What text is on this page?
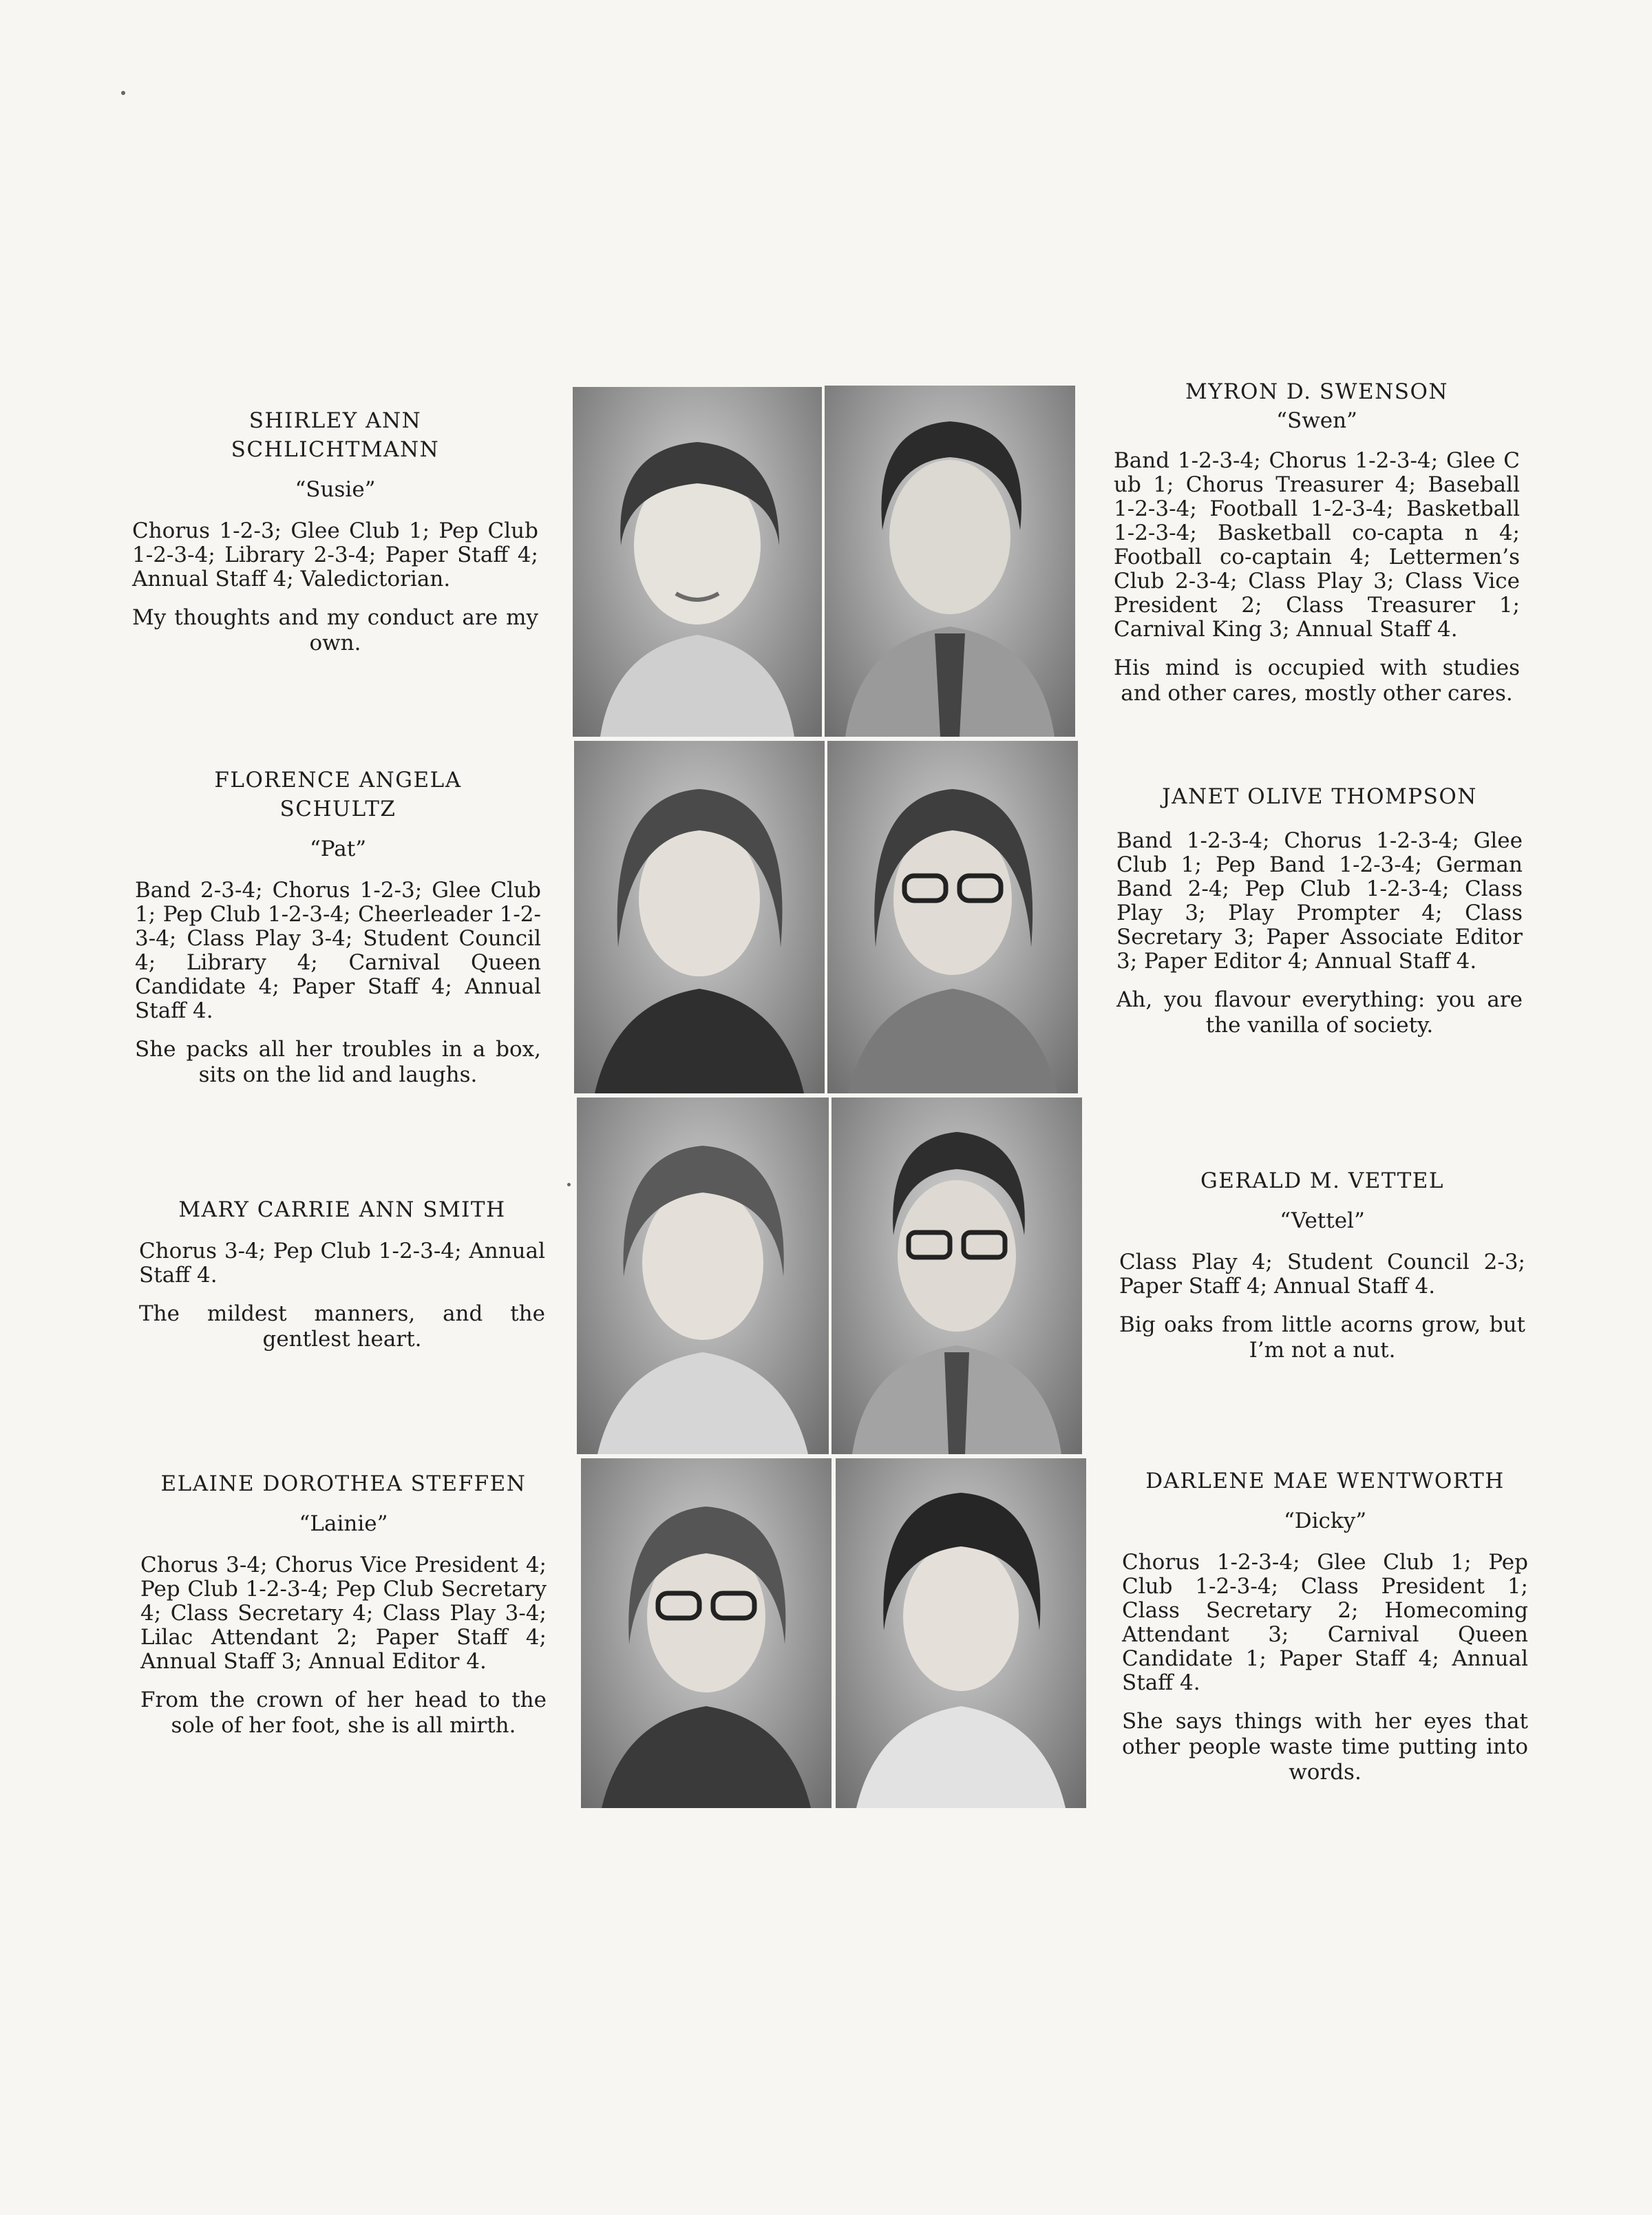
SHIRLEY ANN

SCHLICHTMANN

“Susie”

Chorus 1-2-3; Glee Club 1; Pep Club 1-2-3-4; Library 2-3-4; Paper Staff 4; Annual Staff 4; Valedictorian.

My thoughts and my conduct are my own.

FLORENCE ANGELA

SCHULTZ

“Pat”

Band 2-3-4; Chorus 1-2-3; Glee Club 1; Pep Club 1-2-3-4; Cheerleader 1-2-3-4; Class Play 3-4; Student Council 4; Library 4; Carnival Queen Candidate 4; Paper Staff 4; Annual Staff 4.

She packs all her troubles in a box, sits on the lid and laughs.

MARY CARRIE ANN SMITH

Chorus 3-4; Pep Club 1-2-3-4; Annual Staff 4.

The mildest manners, and the gentlest heart.

ELAINE DOROTHEA STEFFEN

“Lainie”

Chorus 3-4; Chorus Vice President 4; Pep Club 1-2-3-4; Pep Club Secretary 4; Class Secretary 4; Class Play 3-4; Lilac Attendant 2; Paper Staff 4; Annual Staff 3; Annual Editor 4.

From the crown of her head to the sole of her foot, she is all mirth.

MYRON D. SWENSON

“Swen”

Band 1-2-3-4; Chorus 1-2-3-4; Glee C ub 1; Chorus Treasurer 4; Baseball 1-2-3-4; Football 1-2-3-4; Basketball 1-2-3-4; Basketball co-capta n 4; Football co-captain 4; Lettermen’s Club 2-3-4; Class Play 3; Class Vice President 2; Class Treasurer 1; Carnival King 3; Annual Staff 4.

His mind is occupied with studies and other cares, mostly other cares.

JANET OLIVE THOMPSON

Band 1-2-3-4; Chorus 1-2-3-4; Glee Club 1; Pep Band 1-2-3-4; German Band 2-4; Pep Club 1-2-3-4; Class Play 3; Play Prompter 4; Class Secretary 3; Paper Associate Editor 3; Paper Editor 4; Annual Staff 4.

Ah, you flavour everything: you are the vanilla of society.

GERALD M. VETTEL

“Vettel”

Class Play 4; Student Council 2-3; Paper Staff 4; Annual Staff 4.

Big oaks from little acorns grow, but I’m not a nut.

DARLENE MAE WENTWORTH

“Dicky”

Chorus 1-2-3-4; Glee Club 1; Pep Club 1-2-3-4; Class President 1; Class Secretary 2; Homecoming Attendant 3; Carnival Queen Candidate 1; Paper Staff 4; Annual Staff 4.

She says things with her eyes that other people waste time putting into words.
